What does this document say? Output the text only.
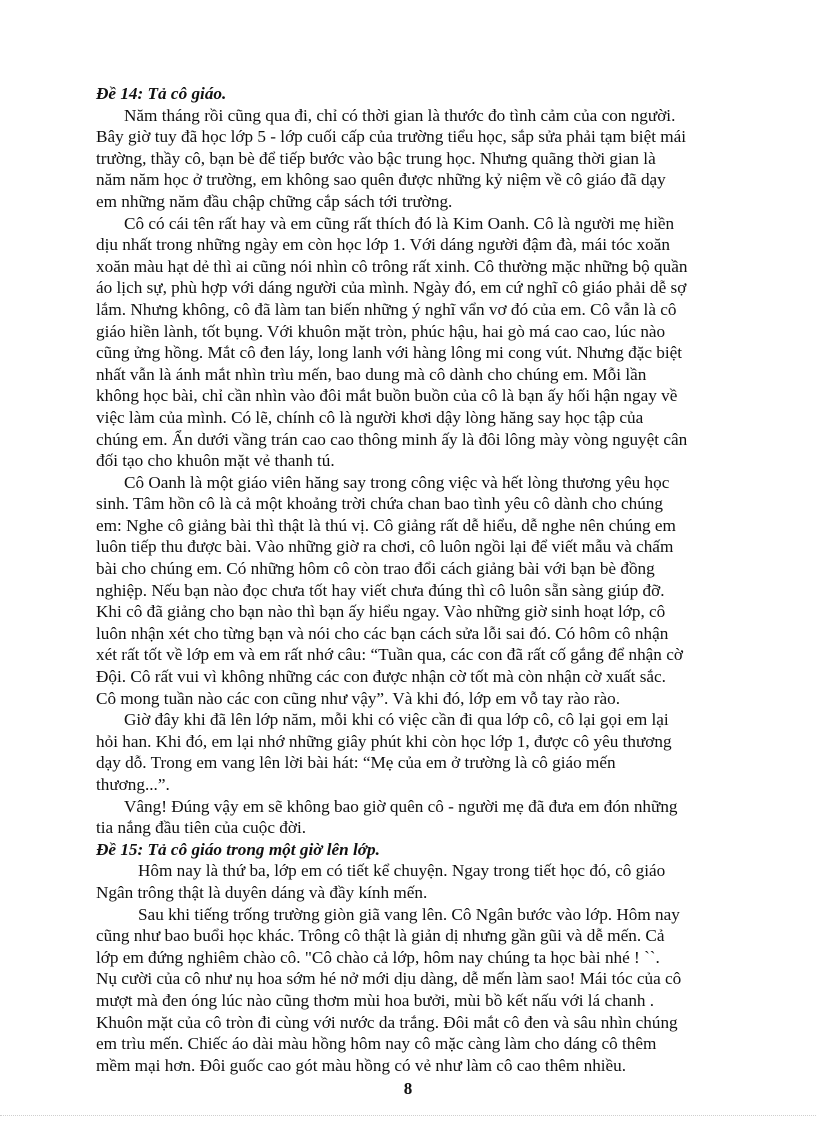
Đề 14: Tả cô giáo.
Năm tháng rồi cũng qua đi, chỉ có thời gian là thước đo tình cảm của con người.
Bây giờ tuy đã học lớp 5 - lớp cuối cấp của trường tiểu học, sắp sửa phải tạm biệt mái
trường, thầy cô, bạn bè để tiếp bước vào bậc trung học. Nhưng quãng thời gian là
năm năm học ở trường, em không sao quên được những kỷ niệm về cô giáo đã dạy
em những năm đầu chập chững cắp sách tới trường.
Cô có cái tên rất hay và em cũng rất thích đó là Kim Oanh. Cô là người mẹ hiền
dịu nhất trong những ngày em còn học lớp 1. Với dáng người đậm đà, mái tóc xoăn
xoăn màu hạt dẻ thì ai cũng nói nhìn cô trông rất xinh. Cô thường mặc những bộ quần
áo lịch sự, phù hợp với dáng người của mình. Ngày đó, em cứ nghĩ cô giáo phải dễ sợ
lắm. Nhưng không, cô đã làm tan biến những ý nghĩ vẩn vơ đó của em. Cô vẫn là cô
giáo hiền lành, tốt bụng. Với khuôn mặt tròn, phúc hậu, hai gò má cao cao, lúc nào
cũng ửng hồng. Mắt cô đen láy, long lanh với hàng lông mi cong vút. Nhưng đặc biệt
nhất vẫn là ánh mắt nhìn trìu mến, bao dung mà cô dành cho chúng em. Mỗi lần
không học bài, chỉ cần nhìn vào đôi mắt buồn buồn của cô là bạn ấy hối hận ngay về
việc làm của mình. Có lẽ, chính cô là người khơi dậy lòng hăng say học tập của
chúng em. Ẩn dưới vầng trán cao cao thông minh ấy là đôi lông mày vòng nguyệt cân
đối tạo cho khuôn mặt vẻ thanh tú.
Cô Oanh là một giáo viên hăng say trong công việc và hết lòng thương yêu học
sinh. Tâm hồn cô là cả một khoảng trời chứa chan bao tình yêu cô dành cho chúng
em: Nghe cô giảng bài thì thật là thú vị. Cô giảng rất dễ hiểu, dễ nghe nên chúng em
luôn tiếp thu được bài. Vào những giờ ra chơi, cô luôn ngồi lại để viết mẫu và chấm
bài cho chúng em. Có những hôm cô còn trao đổi cách giảng bài với bạn bè đồng
nghiệp. Nếu bạn nào đọc chưa tốt hay viết chưa đúng thì cô luôn sẵn sàng giúp đỡ.
Khi cô đã giảng cho bạn nào thì bạn ấy hiểu ngay. Vào những giờ sinh hoạt lớp, cô
luôn nhận xét cho từng bạn và nói cho các bạn cách sửa lỗi sai đó. Có hôm cô nhận
xét rất tốt về lớp em và em rất nhớ câu: “Tuần qua, các con đã rất cố gắng để nhận cờ
Đội. Cô rất vui vì không những các con được nhận cờ tốt mà còn nhận cờ xuất sắc.
Cô mong tuần nào các con cũng như vậy”. Và khi đó, lớp em vỗ tay rào rào.
Giờ đây khi đã lên lớp năm, mỗi khi có việc cần đi qua lớp cô, cô lại gọi em lại
hỏi han. Khi đó, em lại nhớ những giây phút khi còn học lớp 1, được cô yêu thương
dạy dỗ. Trong em vang lên lời bài hát: “Mẹ của em ở trường là cô giáo mến
thương...”.
Vâng! Đúng vậy em sẽ không bao giờ quên cô - người mẹ đã đưa em đón những
tia nắng đầu tiên của cuộc đời.
Đề 15: Tả cô giáo trong một giờ lên lớp.
Hôm nay là thứ ba, lớp em có tiết kể chuyện. Ngay trong tiết học đó, cô giáo
Ngân trông thật là duyên dáng và đầy kính mến.
Sau khi tiếng trống trường giòn giã vang lên. Cô Ngân bước vào lớp. Hôm nay
cũng như bao buổi học khác. Trông cô thật là giản dị nhưng gần gũi và dễ mến. Cả
lớp em đứng nghiêm chào cô. "Cô chào cả lớp, hôm nay chúng ta học bài nhé ! ``.
Nụ cười của cô như nụ hoa sớm hé nở mới dịu dàng, dễ mến làm sao! Mái tóc của cô
mượt mà đen óng lúc nào cũng thơm mùi hoa bưởi, mùi bồ kết nấu với lá chanh .
Khuôn mặt của cô tròn đi cùng với nước da trắng. Đôi mắt cô đen và sâu nhìn chúng
em trìu mến. Chiếc áo dài màu hồng hôm nay cô mặc càng làm cho dáng cô thêm
mềm mại hơn. Đôi guốc cao gót màu hồng có vẻ như làm cô cao thêm nhiều.
8
